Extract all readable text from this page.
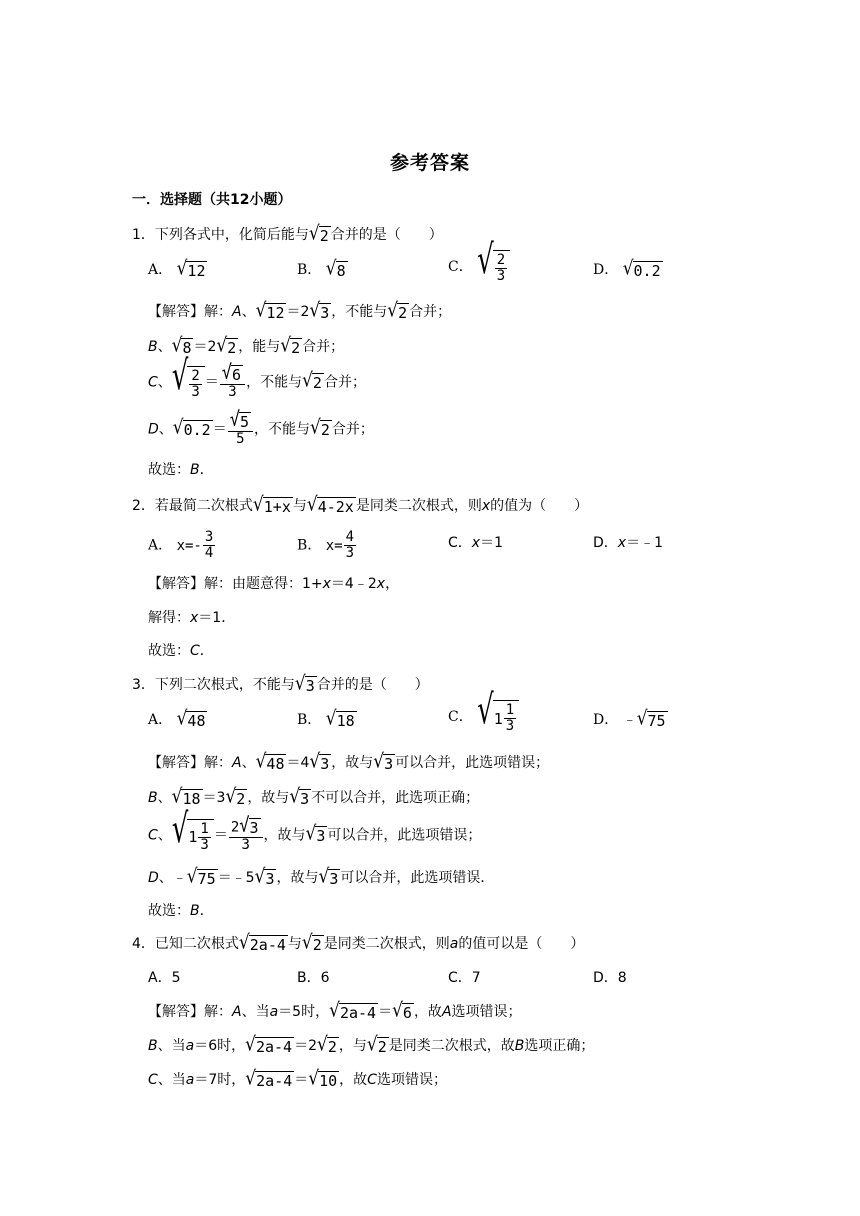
参考答案
一．选择题（共12小题）
1．下列各式中，化简后能与 √ 2 合并的是（　　）
A． √ 12	B． √ 8	C． √ $\frac{2}{3}$	D． √ 0.2
【解答】解：A、 √ 12 ＝2 √ 3 ，不能与 √ 2 合并；
B、 √ 8 ＝2 √ 2 ，能与 √ 2 合并；
C、 √ $\frac{2}{3} = \frac{√ 6}{3}$ ，不能与 √ 2 合并；
D、 √ $0.2 = \frac{√ 5}{5}$ ，不能与 √ 2 合并；
故选：B．
2．若最简二次根式 √ 1+x 与 √ 4-2x 是同类二次根式，则x的值为（　　）
A． $x=- \frac{3}{4}$	B． $x= \frac{4}{3}$	C．x＝1	D．x＝﹣1
【解答】解：由题意得：1+x＝4﹣2x，
解得：x＝1．
故选：C．
3．下列二次根式，不能与 √ 3 合并的是（　　）
A． √ 48	B． √ 18	C． √ $1 \frac{1}{3}$	D． ﹣ √ 75
【解答】解：A、 √ 48 ＝4 √ 3 ，故与 √ 3 可以合并，此选项错误；
B、 √ 18 ＝3 √ 2 ，故与 √ 3 不可以合并，此选项正确；
C、 √ $1 \frac{1}{3} = \frac{2 √ 3}{3}$ ，故与 √ 3 可以合并，此选项错误；
D、﹣ √ 75 ＝﹣5 √ 3 ，故与 √ 3 可以合并，此选项错误．
故选：B．
4．已知二次根式 √ 2a-4 与 √ 2 是同类二次根式，则a的值可以是（　　）
A．5	B．6	C．7	D．8
【解答】解：A、当a＝5时， √ 2a-4 ＝ √ 6 ，故A选项错误；
B、当a＝6时， √ 2a-4 ＝2 √ 2 ，与 √ 2 是同类二次根式，故B选项正确；
C、当a＝7时， √ 2a-4 ＝ √ 10 ，故C选项错误；
